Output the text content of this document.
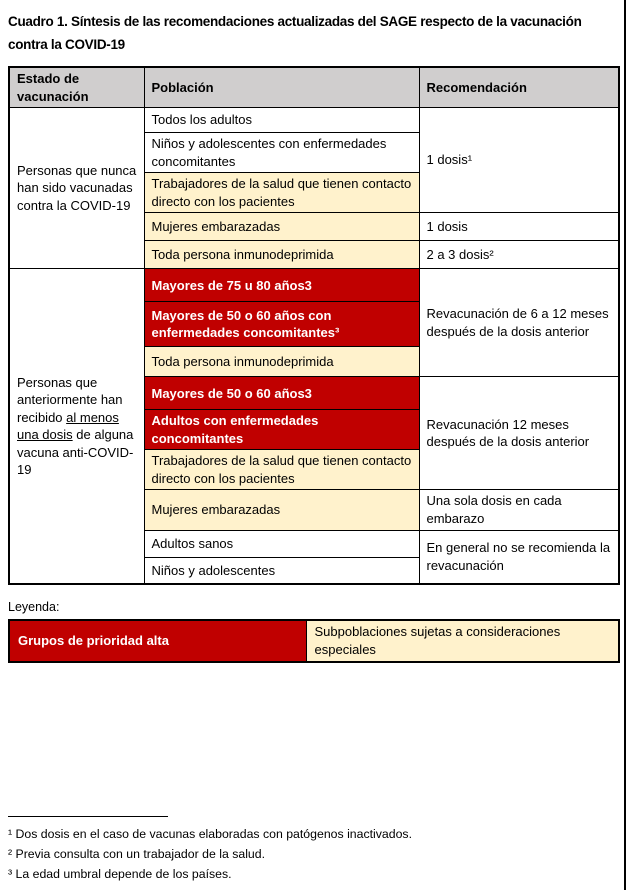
Cuadro 1. Síntesis de las recomendaciones actualizadas del SAGE respecto de la vacunación contra la COVID-19
Estado de vacunación	Población	Recomendación
Personas que nunca han sido vacunadas contra la COVID-19	Todos los adultos	1 dosis¹
	Niños y adolescentes con enfermedades concomitantes	
	Trabajadores de la salud que tienen contacto directo con los pacientes	
	Mujeres embarazadas	1 dosis
	Toda persona inmunodeprimida	2 a 3 dosis²
Personas que anteriormente han recibido al menos una dosis de alguna vacuna anti-COVID-19	Mayores de 75 u 80 años3	Revacunación de 6 a 12 meses después de la dosis anterior
	Mayores de 50 o 60 años con enfermedades concomitantes³	
	Toda persona inmunodeprimida	
	Mayores de 50 o 60 años3	Revacunación 12 meses después de la dosis anterior
	Adultos con enfermedades concomitantes	
	Trabajadores de la salud que tienen contacto directo con los pacientes	
	Mujeres embarazadas	Una sola dosis en cada embarazo
	Adultos sanos	En general no se recomienda la revacunación
	Niños y adolescentes	
Leyenda:
Grupos de prioridad alta	Subpoblaciones sujetas a consideraciones especiales
¹ Dos dosis en el caso de vacunas elaboradas con patógenos inactivados.
² Previa consulta con un trabajador de la salud.
³ La edad umbral depende de los países.
